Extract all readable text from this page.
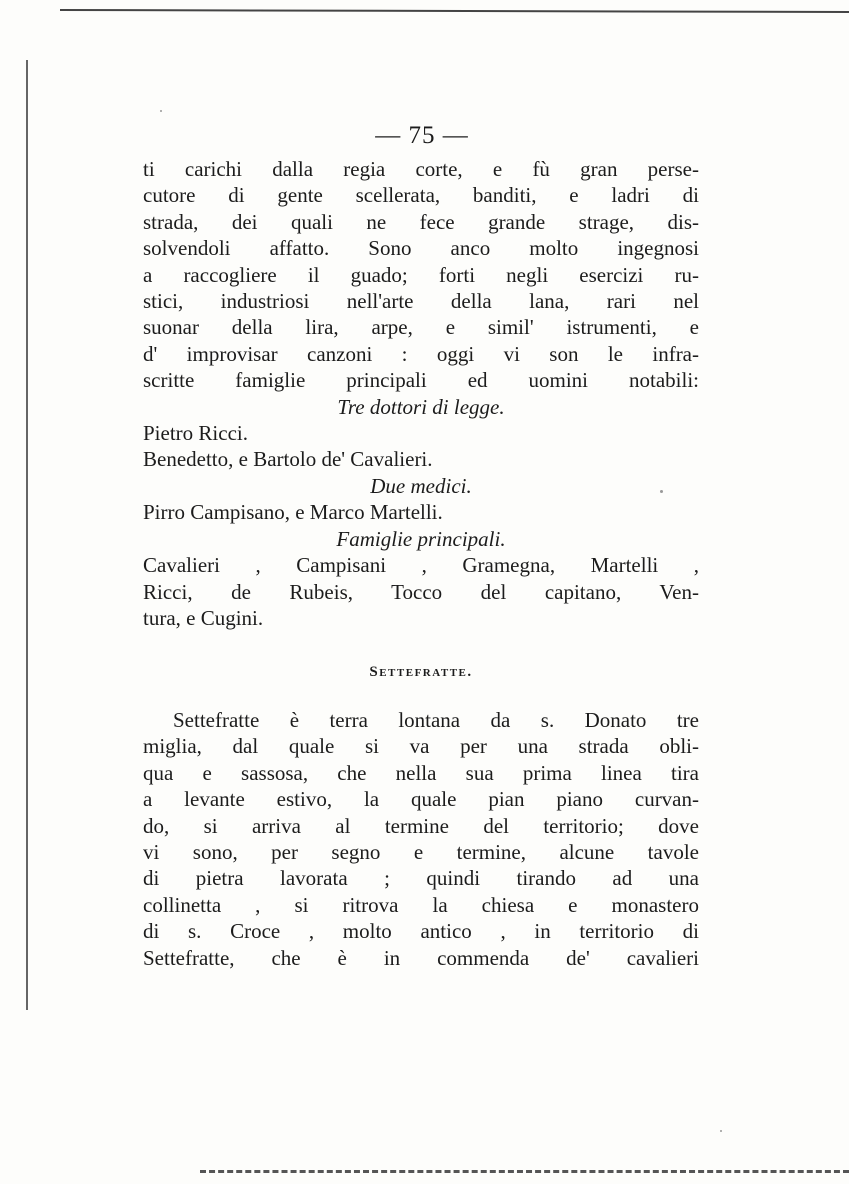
— 75 —
ti carichi dalla regia corte, e fù gran perse-
cutore di gente scellerata, banditi, e ladri di
strada, dei quali ne fece grande strage, dis-
solvendoli affatto. Sono anco molto ingegnosi
a raccogliere il guado; forti negli esercizi ru-
stici, industriosi nell'arte della lana, rari nel
suonar della lira, arpe, e simil' istrumenti, e
d' improvisar canzoni : oggi vi son le infra-
scritte famiglie principali ed uomini notabili:
Tre dottori di legge.
Pietro Ricci.
Benedetto, e Bartolo de' Cavalieri.
Due medici.
Pirro Campisano, e Marco Martelli.
Famiglie principali.
Cavalieri , Campisani , Gramegna, Martelli ,
Ricci, de Rubeis, Tocco del capitano, Ven-
tura, e Cugini.
Settefratte.
Settefratte è terra lontana da s. Donato tre
miglia, dal quale si va per una strada obli-
qua e sassosa, che nella sua prima linea tira
a levante estivo, la quale pian piano curvan-
do, si arriva al termine del territorio; dove
vi sono, per segno e termine, alcune tavole
di pietra lavorata ; quindi tirando ad una
collinetta , si ritrova la chiesa e monastero
di s. Croce , molto antico , in territorio di
Settefratte, che è in commenda de' cavalieri
